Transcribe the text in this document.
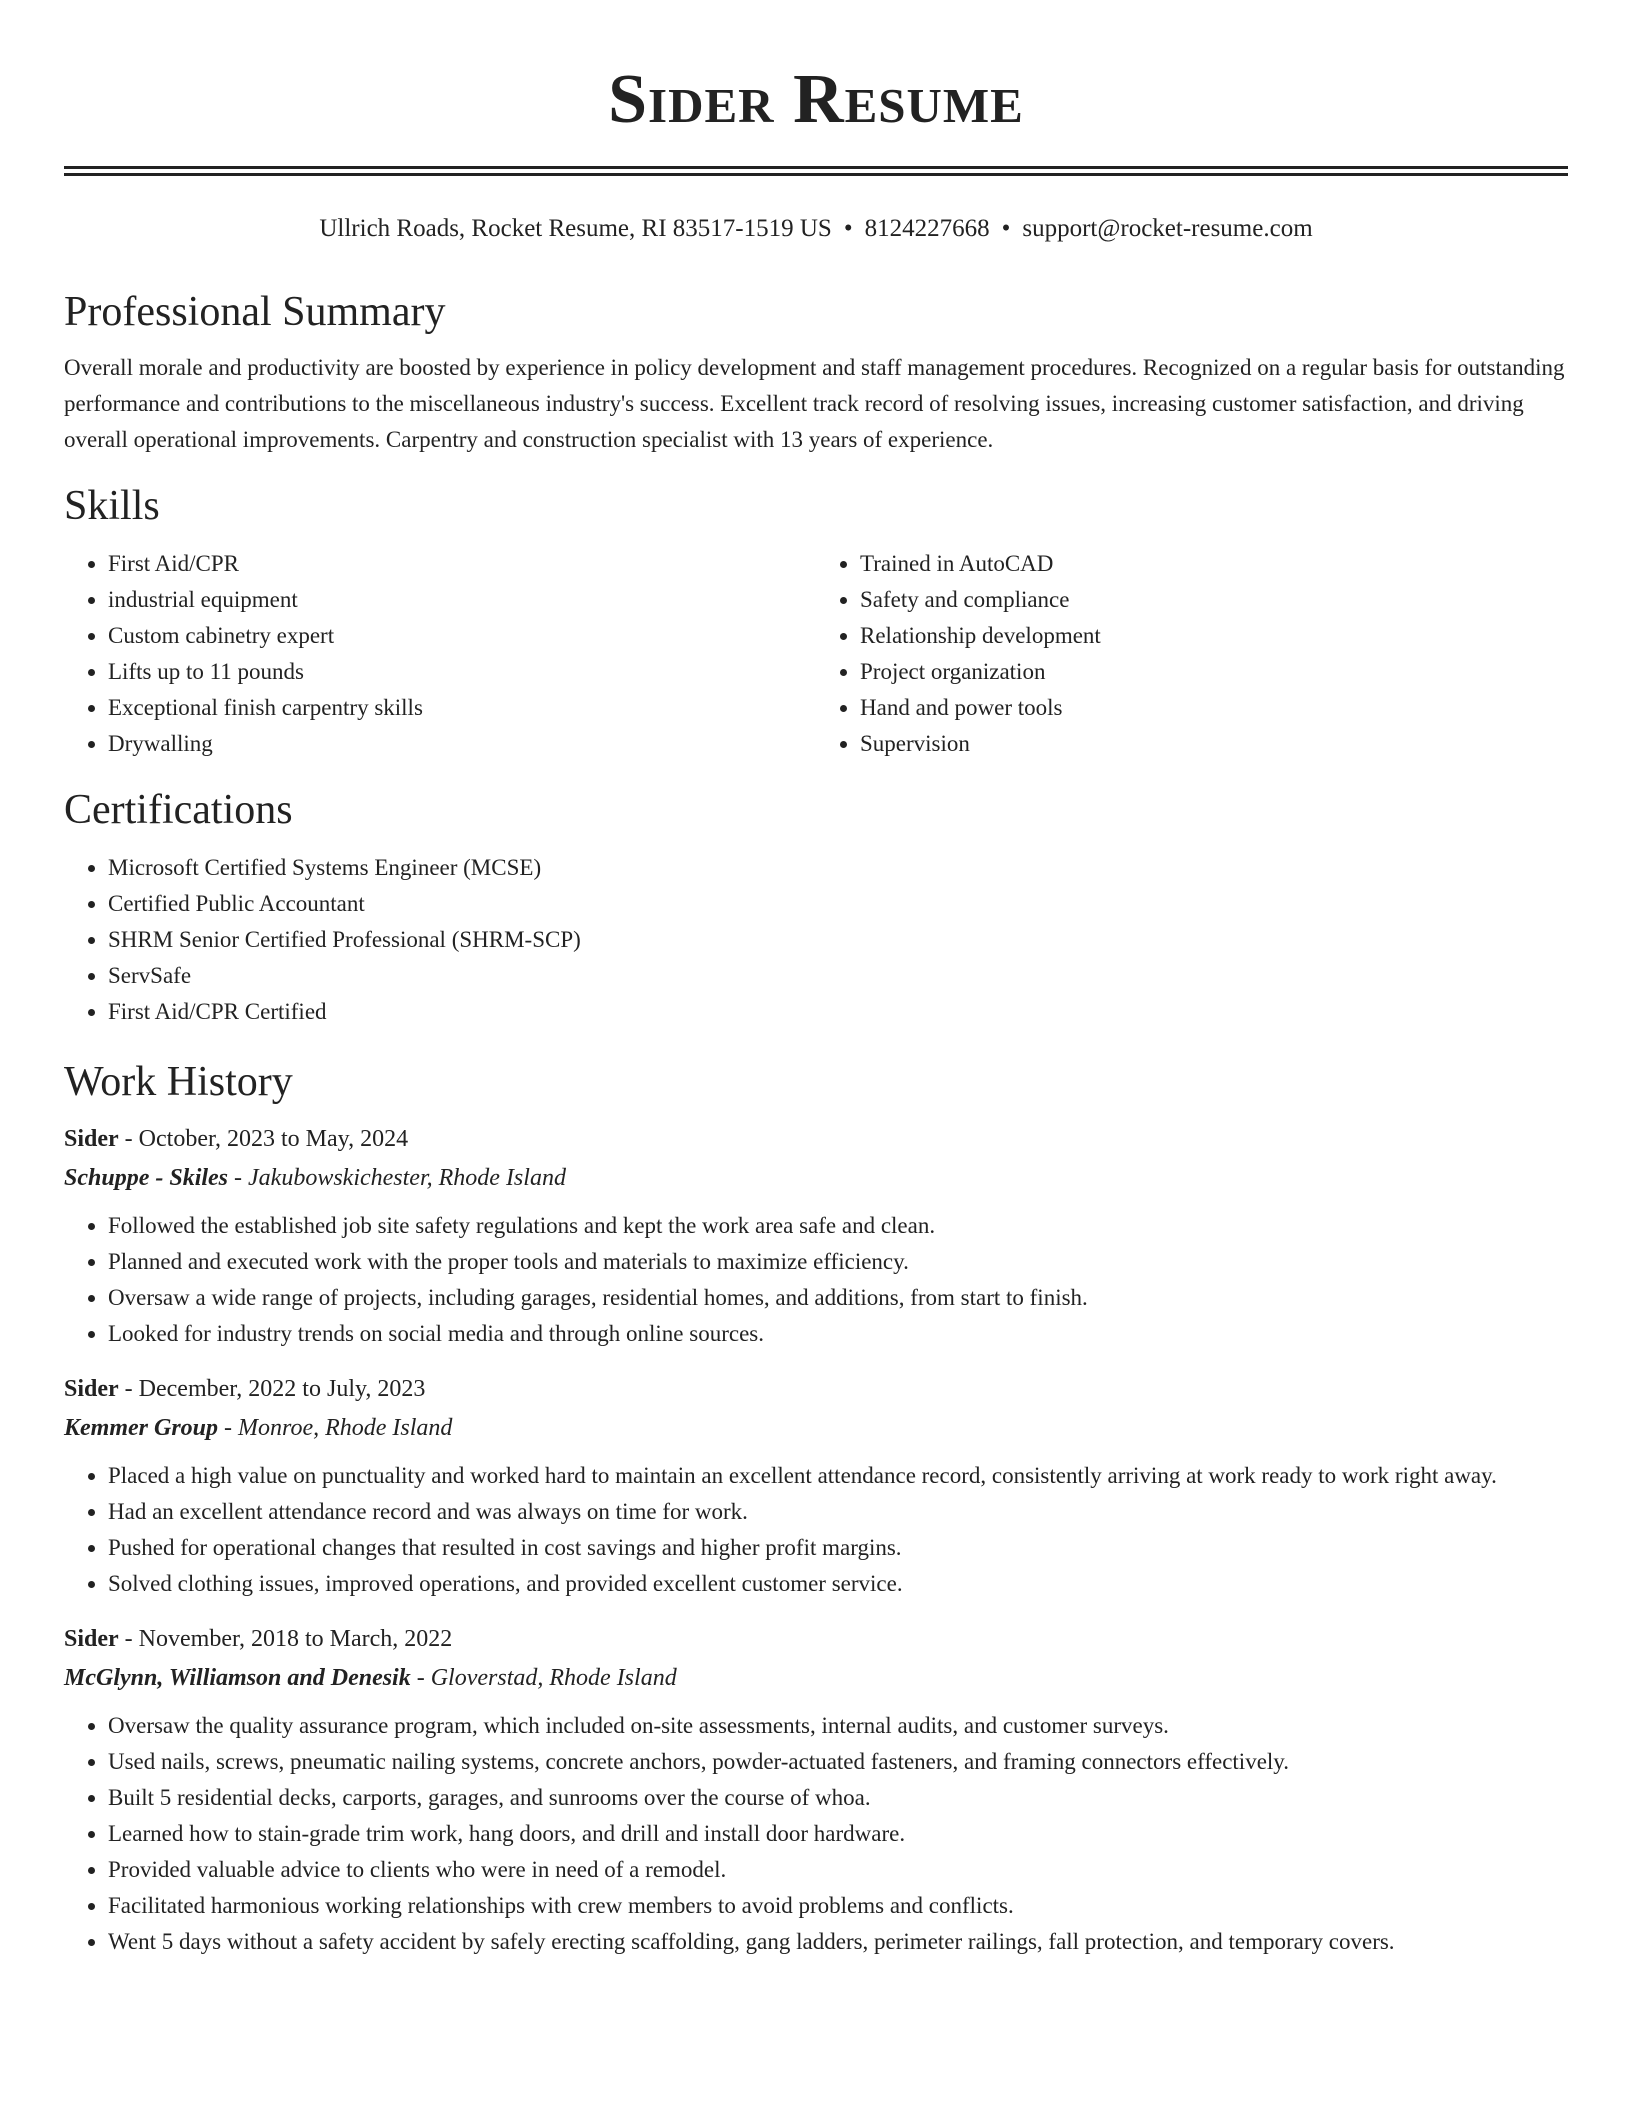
Sider Resume
Ullrich Roads, Rocket Resume, RI 83517-1519 US • 8124227668 • support@rocket-resume.com
Professional Summary

Overall morale and productivity are boosted by experience in policy development and staff management procedures. Recognized on a regular basis for outstanding performance and contributions to the miscellaneous industry's success. Excellent track record of resolving issues, increasing customer satisfaction, and driving overall operational improvements. Carpentry and construction specialist with 13 years of experience.

Skills
• First Aid/CPR
• industrial equipment
• Custom cabinetry expert
• Lifts up to 11 pounds
• Exceptional finish carpentry skills
• Drywalling
• Trained in AutoCAD
• Safety and compliance
• Relationship development
• Project organization
• Hand and power tools
• Supervision
Certifications
• Microsoft Certified Systems Engineer (MCSE)
• Certified Public Accountant
• SHRM Senior Certified Professional (SHRM-SCP)
• ServSafe
• First Aid/CPR Certified
Work History
Sider - October, 2023 to May, 2024
Schuppe - Skiles - Jakubowskichester, Rhode Island
• Followed the established job site safety regulations and kept the work area safe and clean.
• Planned and executed work with the proper tools and materials to maximize efficiency.
• Oversaw a wide range of projects, including garages, residential homes, and additions, from start to finish.
• Looked for industry trends on social media and through online sources.
Sider - December, 2022 to July, 2023
Kemmer Group - Monroe, Rhode Island
• Placed a high value on punctuality and worked hard to maintain an excellent attendance record, consistently arriving at work ready to work right away.
• Had an excellent attendance record and was always on time for work.
• Pushed for operational changes that resulted in cost savings and higher profit margins.
• Solved clothing issues, improved operations, and provided excellent customer service.
Sider - November, 2018 to March, 2022
McGlynn, Williamson and Denesik - Gloverstad, Rhode Island
• Oversaw the quality assurance program, which included on-site assessments, internal audits, and customer surveys.
• Used nails, screws, pneumatic nailing systems, concrete anchors, powder-actuated fasteners, and framing connectors effectively.
• Built 5 residential decks, carports, garages, and sunrooms over the course of whoa.
• Learned how to stain-grade trim work, hang doors, and drill and install door hardware.
• Provided valuable advice to clients who were in need of a remodel.
• Facilitated harmonious working relationships with crew members to avoid problems and conflicts.
• Went 5 days without a safety accident by safely erecting scaffolding, gang ladders, perimeter railings, fall protection, and temporary covers.
